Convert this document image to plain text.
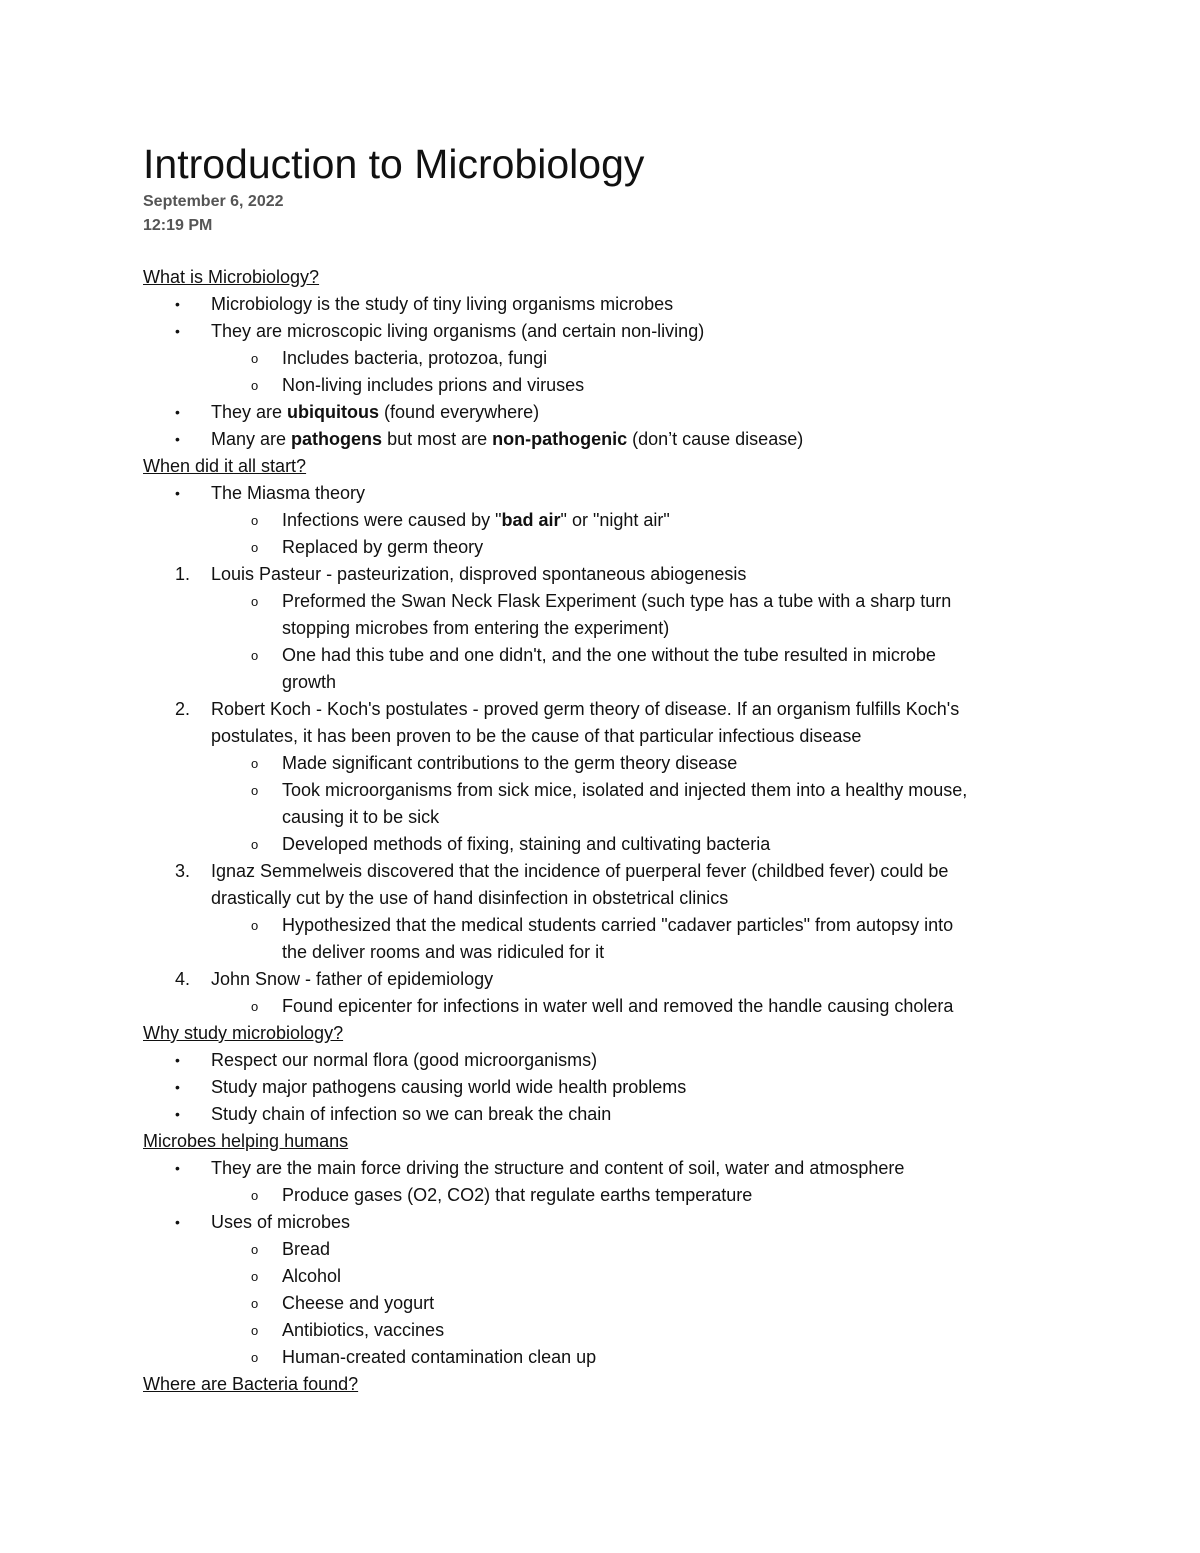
Introduction to Microbiology
September 6, 2022
12:19 PM
What is Microbiology?
• Microbiology is the study of tiny living organisms microbes
• They are microscopic living organisms (and certain non-living)
o Includes bacteria, protozoa, fungi
o Non-living includes prions and viruses
• They are ubiquitous (found everywhere)
• Many are pathogens but most are non-pathogenic (don’t cause disease)
When did it all start?
• The Miasma theory
o Infections were caused by "bad air" or "night air"
o Replaced by germ theory
1. Louis Pasteur - pasteurization, disproved spontaneous abiogenesis
o Preformed the Swan Neck Flask Experiment (such type has a tube with a sharp turn
stopping microbes from entering the experiment)
o One had this tube and one didn't, and the one without the tube resulted in microbe
growth
2. Robert Koch - Koch's postulates - proved germ theory of disease. If an organism fulfills Koch's
postulates, it has been proven to be the cause of that particular infectious disease
o Made significant contributions to the germ theory disease
o Took microorganisms from sick mice, isolated and injected them into a healthy mouse,
causing it to be sick
o Developed methods of fixing, staining and cultivating bacteria
3. Ignaz Semmelweis discovered that the incidence of puerperal fever (childbed fever) could be
drastically cut by the use of hand disinfection in obstetrical clinics
o Hypothesized that the medical students carried "cadaver particles" from autopsy into
the deliver rooms and was ridiculed for it
4. John Snow - father of epidemiology
o Found epicenter for infections in water well and removed the handle causing cholera
Why study microbiology?
• Respect our normal flora (good microorganisms)
• Study major pathogens causing world wide health problems
• Study chain of infection so we can break the chain
Microbes helping humans
• They are the main force driving the structure and content of soil, water and atmosphere
o Produce gases (O2, CO2) that regulate earths temperature
• Uses of microbes
o Bread
o Alcohol
o Cheese and yogurt
o Antibiotics, vaccines
o Human-created contamination clean up
Where are Bacteria found?
